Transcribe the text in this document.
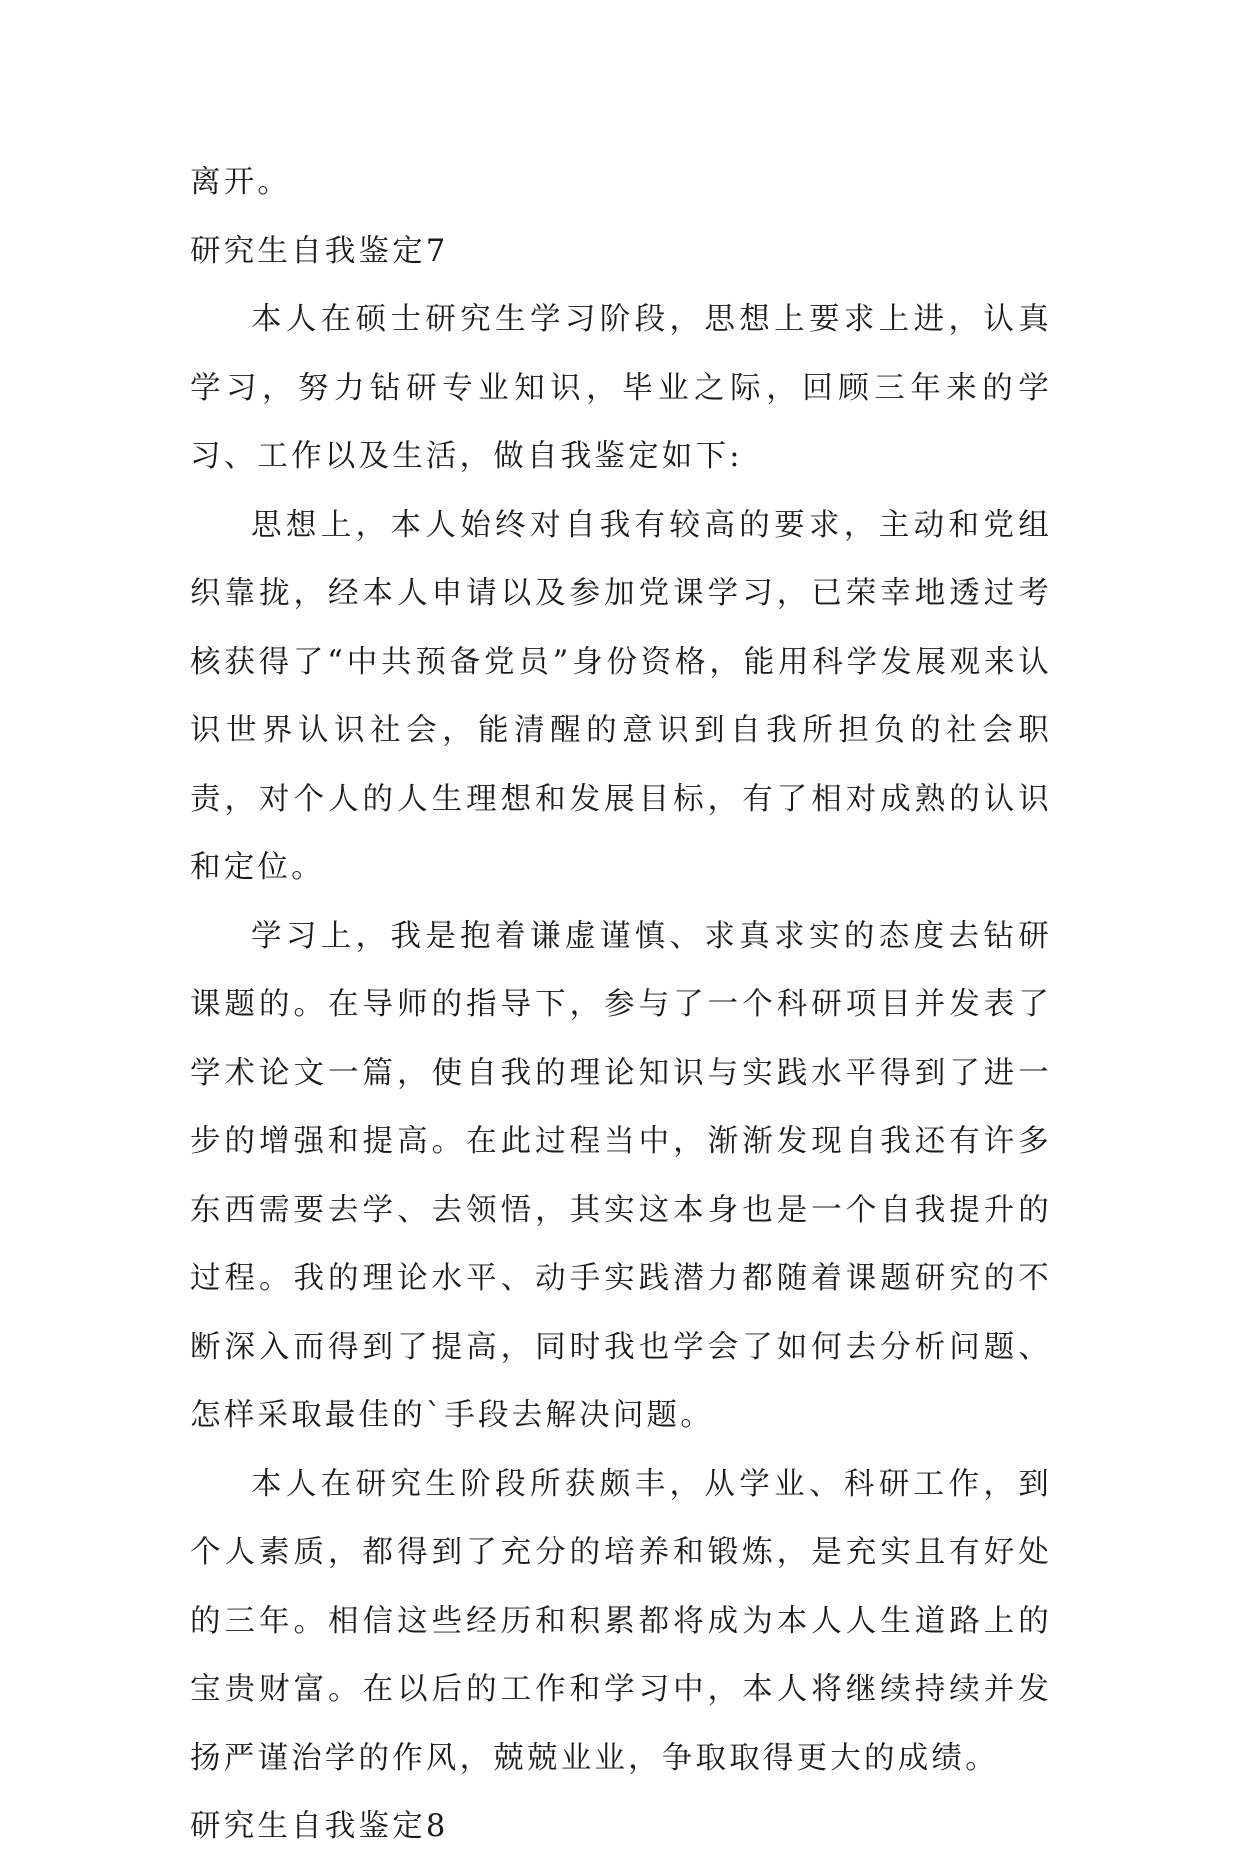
离开。
研究生自我鉴定7

本人在硕士研究生学习阶段，思想上要求上进，认真学习，努力钻研专业知识，毕业之际，回顾三年来的学习、工作以及生活，做自我鉴定如下:

思想上，本人始终对自我有较高的要求，主动和党组织靠拢，经本人申请以及参加党课学习，已荣幸地透过考核获得了“中共预备党员”身份资格，能用科学发展观来认识世界认识社会，能清醒的意识到自我所担负的社会职责，对个人的人生理想和发展目标，有了相对成熟的认识和定位。

学习上，我是抱着谦虚谨慎、求真求实的态度去钻研课题的。在导师的指导下，参与了一个科研项目并发表了学术论文一篇，使自我的理论知识与实践水平得到了进一步的增强和提高。在此过程当中，渐渐发现自我还有许多东西需要去学、去领悟，其实这本身也是一个自我提升的过程。我的理论水平、动手实践潜力都随着课题研究的不断深入而得到了提高，同时我也学会了如何去分析问题、怎样采取最佳的`手段去解决问题。

本人在研究生阶段所获颇丰，从学业、科研工作，到个人素质，都得到了充分的培养和锻炼，是充实且有好处的三年。相信这些经历和积累都将成为本人人生道路上的宝贵财富。在以后的工作和学习中，本人将继续持续并发扬严谨治学的作风，兢兢业业，争取取得更大的成绩。

研究生自我鉴定8
